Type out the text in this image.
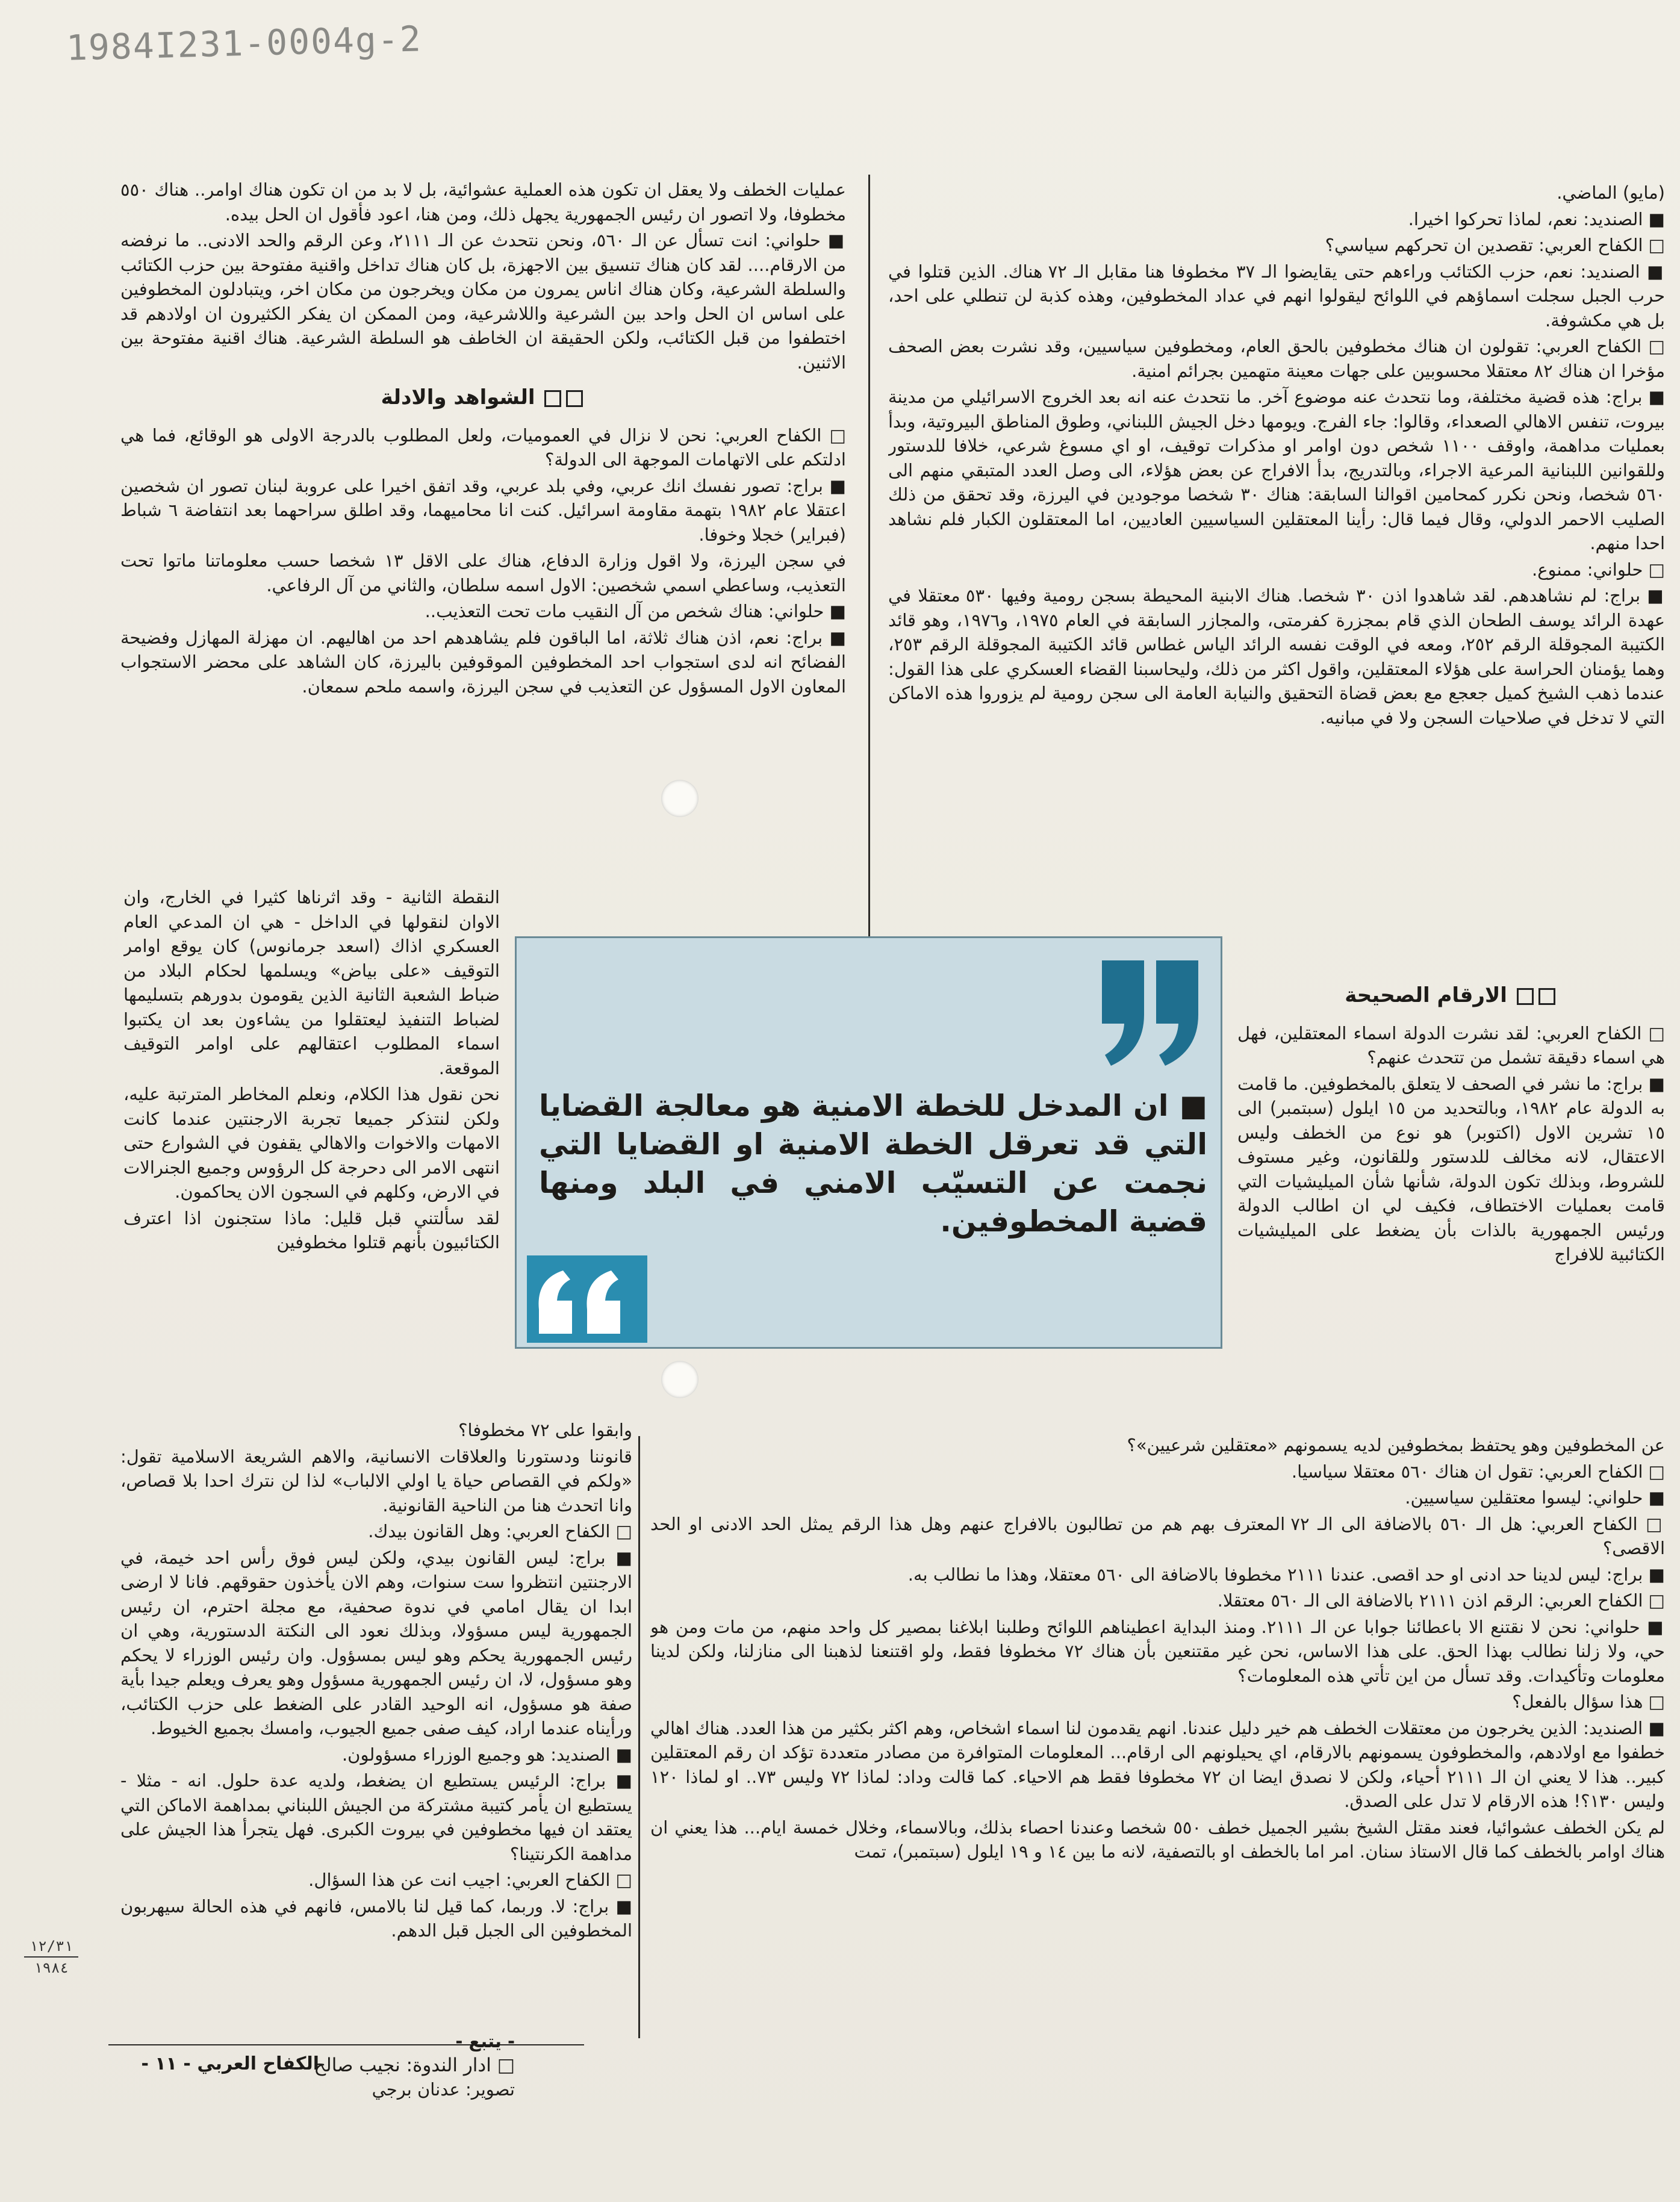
1984I231-0004g-2

(مايو) الماضي.

■ الصنديد: نعم، لماذا تحركوا اخيرا.

□ الكفاح العربي: تقصدين ان تحركهم سياسي؟

■ الصنديد: نعم، حزب الكتائب وراءهم حتى يقايضوا الـ ٣٧ مخطوفا هنا مقابل الـ ٧٢ هناك. الذين قتلوا في حرب الجبل سجلت اسماؤهم في اللوائح ليقولوا انهم في عداد المخطوفين، وهذه كذبة لن تنطلي على احد، بل هي مكشوفة.

□ الكفاح العربي: تقولون ان هناك مخطوفين بالحق العام، ومخطوفين سياسيين، وقد نشرت بعض الصحف مؤخرا ان هناك ٨٢ معتقلا محسوبين على جهات معينة متهمين بجرائم امنية.

■ براج: هذه قضية مختلفة، وما نتحدث عنه موضوع آخر. ما نتحدث عنه انه بعد الخروج الاسرائيلي من مدينة بيروت، تنفس الاهالي الصعداء، وقالوا: جاء الفرج. ويومها دخل الجيش اللبناني، وطوق المناطق البيروتية، وبدأ بعمليات مداهمة، واوقف ١١٠٠ شخص دون اوامر او مذكرات توقيف، او اي مسوغ شرعي، خلافا للدستور وللقوانين اللبنانية المرعية الاجراء، وبالتدريج، بدأ الافراج عن بعض هؤلاء، الى وصل العدد المتبقي منهم الى ٥٦٠ شخصا، ونحن نكرر كمحامين اقوالنا السابقة: هناك ٣٠ شخصا موجودين في اليرزة، وقد تحقق من ذلك الصليب الاحمر الدولي، وقال فيما قال: رأينا المعتقلين السياسيين العاديين، اما المعتقلون الكبار فلم نشاهد احدا منهم.

□ حلواني: ممنوع.

■ براج: لم نشاهدهم. لقد شاهدوا اذن ٣٠ شخصا. هناك الابنية المحيطة بسجن رومية وفيها ٥٣٠ معتقلا في عهدة الرائد يوسف الطحان الذي قام بمجزرة كفرمتى، والمجازر السابقة في العام ١٩٧٥، و١٩٧٦، وهو قائد الكتيبة المجوقلة الرقم ٢٥٢، ومعه في الوقت نفسه الرائد الياس غطاس قائد الكتيبة المجوقلة الرقم ٢٥٣، وهما يؤمنان الحراسة على هؤلاء المعتقلين، واقول اكثر من ذلك، وليحاسبنا القضاء العسكري على هذا القول: عندما ذهب الشيخ كميل جعجع مع بعض قضاة التحقيق والنيابة العامة الى سجن رومية لم يزوروا هذه الاماكن التي لا تدخل في صلاحيات السجن ولا في مبانيه.

الارقام الصحيحة

□ الكفاح العربي: لقد نشرت الدولة اسماء المعتقلين، فهل هي اسماء دقيقة تشمل من تتحدث عنهم؟

■ براج: ما نشر في الصحف لا يتعلق بالمخطوفين. ما قامت به الدولة عام ١٩٨٢، وبالتحديد من ١٥ ايلول (سبتمبر) الى ١٥ تشرين الاول (اكتوبر) هو نوع من الخطف وليس الاعتقال، لانه مخالف للدستور وللقانون، وغير مستوف للشروط، وبذلك تكون الدولة، شأنها شأن الميليشيات التي قامت بعمليات الاختطاف، فكيف لي ان اطالب الدولة ورئيس الجمهورية بالذات بأن يضغط على الميليشيات الكتائبية للافراج

عن المخطوفين وهو يحتفظ بمخطوفين لديه يسمونهم «معتقلين شرعيين»؟

□ الكفاح العربي: تقول ان هناك ٥٦٠ معتقلا سياسيا.

■ حلواني: ليسوا معتقلين سياسيين.

□ الكفاح العربي: هل الـ ٥٦٠ بالاضافة الى الـ ٧٢ المعترف بهم هم من تطالبون بالافراج عنهم وهل هذا الرقم يمثل الحد الادنى او الحد الاقصى؟

■ براج: ليس لدينا حد ادنى او حد اقصى. عندنا ٢١١١ مخطوفا بالاضافة الى ٥٦٠ معتقلا، وهذا ما نطالب به.

□ الكفاح العربي: الرقم اذن ٢١١١ بالاضافة الى الـ ٥٦٠ معتقلا.

■ حلواني: نحن لا نقتنع الا باعطائنا جوابا عن الـ ٢١١١. ومنذ البداية اعطيناهم اللوائح وطلبنا ابلاغنا بمصير كل واحد منهم، من مات ومن هو حي، ولا زلنا نطالب بهذا الحق. على هذا الاساس، نحن غير مقتنعين بأن هناك ٧٢ مخطوفا فقط، ولو اقتنعنا لذهبنا الى منازلنا، ولكن لدينا معلومات وتأكيدات. وقد تسأل من اين تأتي هذه المعلومات؟

□ هذا سؤال بالفعل؟

■ الصنديد: الذين يخرجون من معتقلات الخطف هم خير دليل عندنا. انهم يقدمون لنا اسماء اشخاص، وهم اكثر بكثير من هذا العدد. هناك اهالي خطفوا مع اولادهم، والمخطوفون يسمونهم بالارقام، اي يحيلونهم الى ارقام... المعلومات المتوافرة من مصادر متعددة تؤكد ان رقم المعتقلين كبير.. هذا لا يعني ان الـ ٢١١١ أحياء، ولكن لا نصدق ايضا ان ٧٢ مخطوفا فقط هم الاحياء. كما قالت وداد: لماذا ٧٢ وليس ٧٣.. او لماذا ١٢٠ وليس ١٣٠؟! هذه الارقام لا تدل على الصدق.

لم يكن الخطف عشوائيا، فعند مقتل الشيخ بشير الجميل خطف ٥٥٠ شخصا وعندنا احصاء بذلك، وبالاسماء، وخلال خمسة ايام... هذا يعني ان هناك اوامر بالخطف كما قال الاستاذ سنان. امر اما بالخطف او بالتصفية، لانه ما بين ١٤ و ١٩ ايلول (سبتمبر)، تمت

عمليات الخطف ولا يعقل ان تكون هذه العملية عشوائية، بل لا بد من ان تكون هناك اوامر.. هناك ٥٥٠ مخطوفا، ولا اتصور ان رئيس الجمهورية يجهل ذلك، ومن هنا، اعود فأقول ان الحل بيده.

■ حلواني: انت تسأل عن الـ ٥٦٠، ونحن نتحدث عن الـ ٢١١١، وعن الرقم والحد الادنى.. ما نرفضه من الارقام.... لقد كان هناك تنسيق بين الاجهزة، بل كان هناك تداخل واقنية مفتوحة بين حزب الكتائب والسلطة الشرعية، وكان هناك اناس يمرون من مكان ويخرجون من مكان اخر، ويتبادلون المخطوفين على اساس ان الحل واحد بين الشرعية واللاشرعية، ومن الممكن ان يفكر الكثيرون ان اولادهم قد اختطفوا من قبل الكتائب، ولكن الحقيقة ان الخاطف هو السلطة الشرعية. هناك اقنية مفتوحة بين الاثنين.

الشواهد والادلة

□ الكفاح العربي: نحن لا نزال في العموميات، ولعل المطلوب بالدرجة الاولى هو الوقائع، فما هي ادلتكم على الاتهامات الموجهة الى الدولة؟

■ براج: تصور نفسك انك عربي، وفي بلد عربي، وقد اتفق اخيرا على عروبة لبنان تصور ان شخصين اعتقلا عام ١٩٨٢ بتهمة مقاومة اسرائيل. كنت انا محاميهما، وقد اطلق سراحهما بعد انتفاضة ٦ شباط (فبراير) خجلا وخوفا.

في سجن اليرزة، ولا اقول وزارة الدفاع، هناك على الاقل ١٣ شخصا حسب معلوماتنا ماتوا تحت التعذيب، وساعطي اسمي شخصين: الاول اسمه سلطان، والثاني من آل الرفاعي.

■ حلواني: هناك شخص من آل النقيب مات تحت التعذيب..

■ براج: نعم، اذن هناك ثلاثة، اما الباقون فلم يشاهدهم احد من اهاليهم. ان مهزلة المهازل وفضيحة الفضائح انه لدى استجواب احد المخطوفين الموقوفين باليرزة، كان الشاهد على محضر الاستجواب المعاون الاول المسؤول عن التعذيب في سجن اليرزة، واسمه ملحم سمعان.

النقطة الثانية - وقد اثرناها كثيرا في الخارج، وان الاوان لنقولها في الداخل - هي ان المدعي العام العسكري اذاك (اسعد جرمانوس) كان يوقع اوامر التوقيف «على بياض» ويسلمها لحكام البلاد من ضباط الشعبة الثانية الذين يقومون بدورهم بتسليمها لضباط التنفيذ ليعتقلوا من يشاءون بعد ان يكتبوا اسماء المطلوب اعتقالهم على اوامر التوقيف الموقعة.

نحن نقول هذا الكلام، ونعلم المخاطر المترتبة عليه، ولكن لنتذكر جميعا تجربة الارجنتين عندما كانت الامهات والاخوات والاهالي يقفون في الشوارع حتى انتهى الامر الى دحرجة كل الرؤوس وجميع الجنرالات في الارض، وكلهم في السجون الان يحاكمون.

لقد سألتني قبل قليل: ماذا ستجنون اذا اعترف الكتائبيون بأنهم قتلوا مخطوفين

وابقوا على ٧٢ مخطوفا؟

قانوننا ودستورنا والعلاقات الانسانية، والاهم الشريعة الاسلامية تقول: «ولكم في القصاص حياة يا اولي الالباب» لذا لن نترك احدا بلا قصاص، وانا اتحدث هنا من الناحية القانونية.

□ الكفاح العربي: وهل القانون بيدك.

■ براج: ليس القانون بيدي، ولكن ليس فوق رأس احد خيمة، في الارجنتين انتظروا ست سنوات، وهم الان يأخذون حقوقهم. فانا لا ارضى ابدا ان يقال امامي في ندوة صحفية، مع مجلة احترم، ان رئيس الجمهورية ليس مسؤولا، وبذلك نعود الى النكتة الدستورية، وهي ان رئيس الجمهورية يحكم وهو ليس بمسؤول. وان رئيس الوزراء لا يحكم وهو مسؤول، لا، ان رئيس الجمهورية مسؤول وهو يعرف ويعلم جيدا بأية صفة هو مسؤول، انه الوحيد القادر على الضغط على حزب الكتائب، ورأيناه عندما اراد، كيف صفى جميع الجيوب، وامسك بجميع الخيوط.

■ الصنديد: هو وجميع الوزراء مسؤولون.

■ براج: الرئيس يستطيع ان يضغط، ولديه عدة حلول. انه - مثلا - يستطيع ان يأمر كتيبة مشتركة من الجيش اللبناني بمداهمة الاماكن التي يعتقد ان فيها مخطوفين في بيروت الكبرى. فهل يتجرأ هذا الجيش على مداهمة الكرنتينا؟

□ الكفاح العربي: اجيب انت عن هذا السؤال.

■ براج: لا. وربما، كما قيل لنا بالامس، فانهم في هذه الحالة سيهربون المخطوفين الى الجبل قبل الدهم.

■ ان المدخل للخطة الامنية هو معالجة القضايا التي قد تعرقل الخطة الامنية او القضايا التي نجمت عن التسيّب الامني في البلد ومنها قضية المخطوفين.
- يتبع -
□ ادار الندوة: نجيب صالح
تصوير: عدنان برجي
١٢/٣١
١٩٨٤
الكفاح العربي - ١١ -
